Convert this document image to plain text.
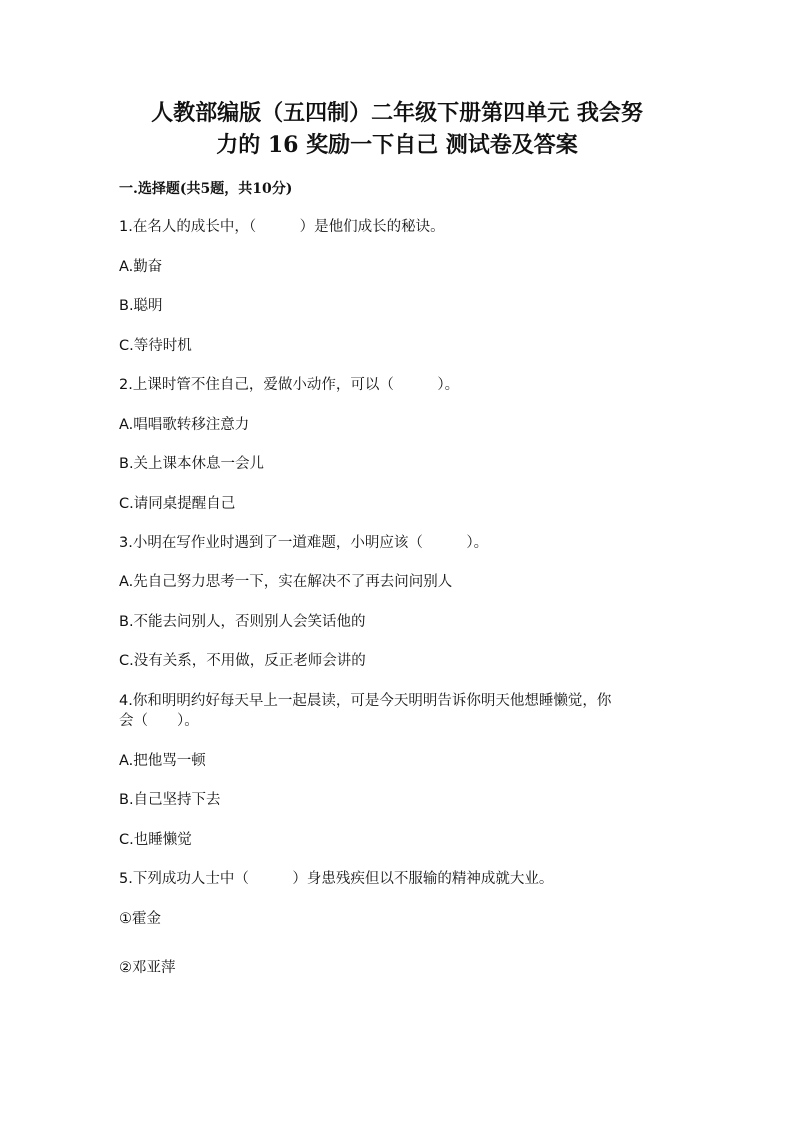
人教部编版（五四制）二年级下册第四单元 我会努
力的 16 奖励一下自己 测试卷及答案
一.选择题(共5题，共10分)
1.在名人的成长中，（　　　）是他们成长的秘诀。
A.勤奋
B.聪明
C.等待时机
2.上课时管不住自己，爱做小动作，可以（　　　）。
A.唱唱歌转移注意力
B.关上课本休息一会儿
C.请同桌提醒自己
3.小明在写作业时遇到了一道难题，小明应该（　　　）。
A.先自己努力思考一下，实在解决不了再去问问别人
B.不能去问别人，否则别人会笑话他的
C.没有关系，不用做，反正老师会讲的
4.你和明明约好每天早上一起晨读，可是今天明明告诉你明天他想睡懒觉，你
会（　　）。
A.把他骂一顿
B.自己坚持下去
C.也睡懒觉
5.下列成功人士中（　　　）身患残疾但以不服输的精神成就大业。
①霍金
②邓亚萍
